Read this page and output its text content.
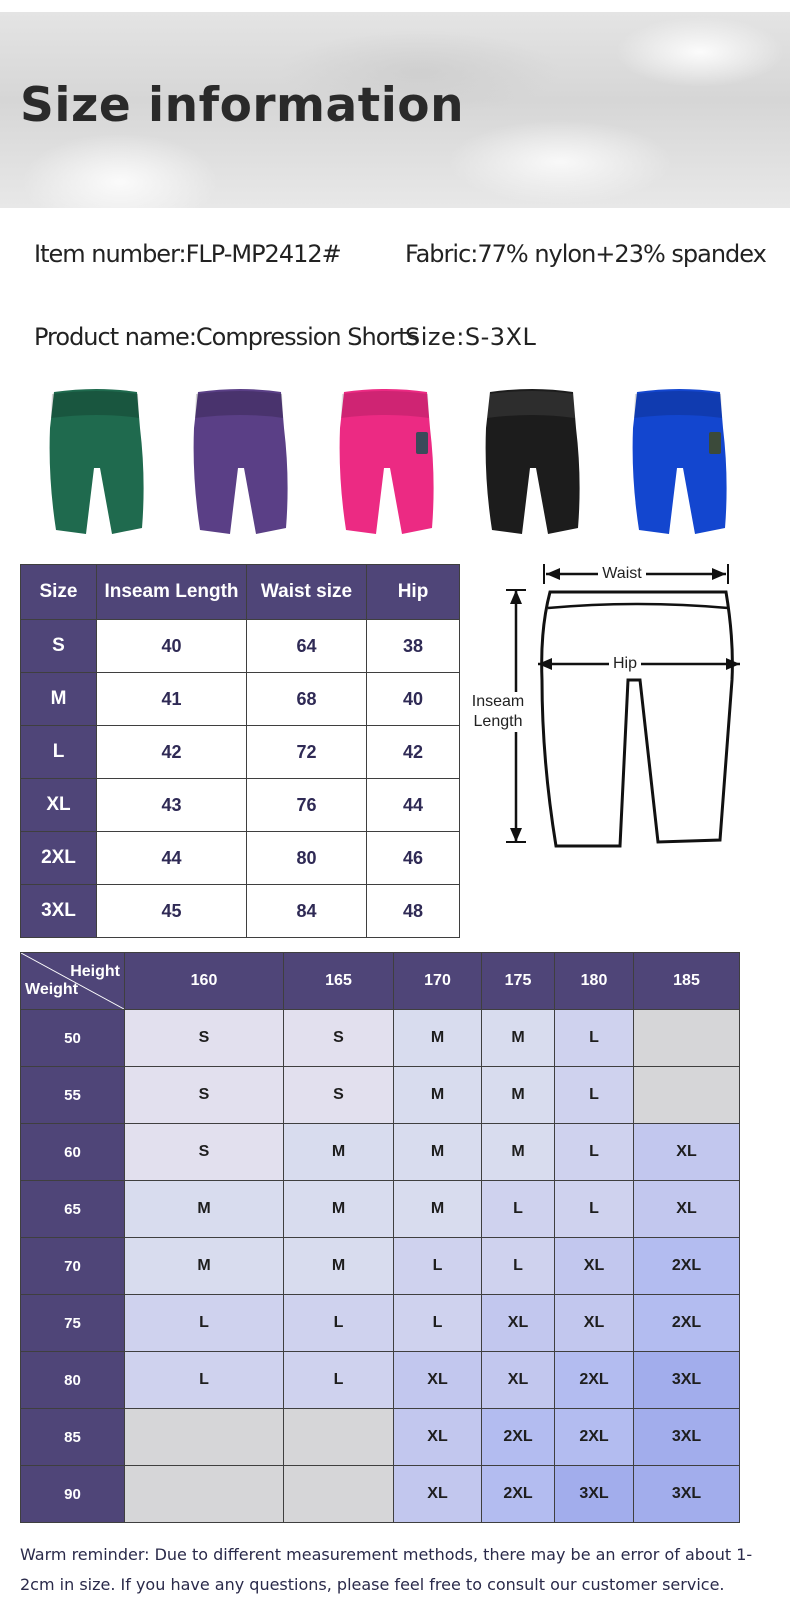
Size information
Item number:FLP-MP2412#	Fabric:77% nylon+23% spandex
Product name:Compression Shorts
Size:S-3XL
Size	Inseam Length	Waist size	Hip
S	40	64	38
M	41	68	40
L	42	72	42
XL	43	76	44
2XL	44	80	46
3XL	45	84	48
Waist
Hip
Inseam
Length
Height
Weight	160	165	170	175	180	185
50	S	S	M	M	L	
55	S	S	M	M	L	
60	S	M	M	M	L	XL
65	M	M	M	L	L	XL
70	M	M	L	L	XL	2XL
75	L	L	L	XL	XL	2XL
80	L	L	XL	XL	2XL	3XL
85			XL	2XL	2XL	3XL
90			XL	2XL	3XL	3XL
Warm reminder: Due to different measurement methods, there may be an error of about 1-2cm in size. If you have any questions, please feel free to consult our customer service.
